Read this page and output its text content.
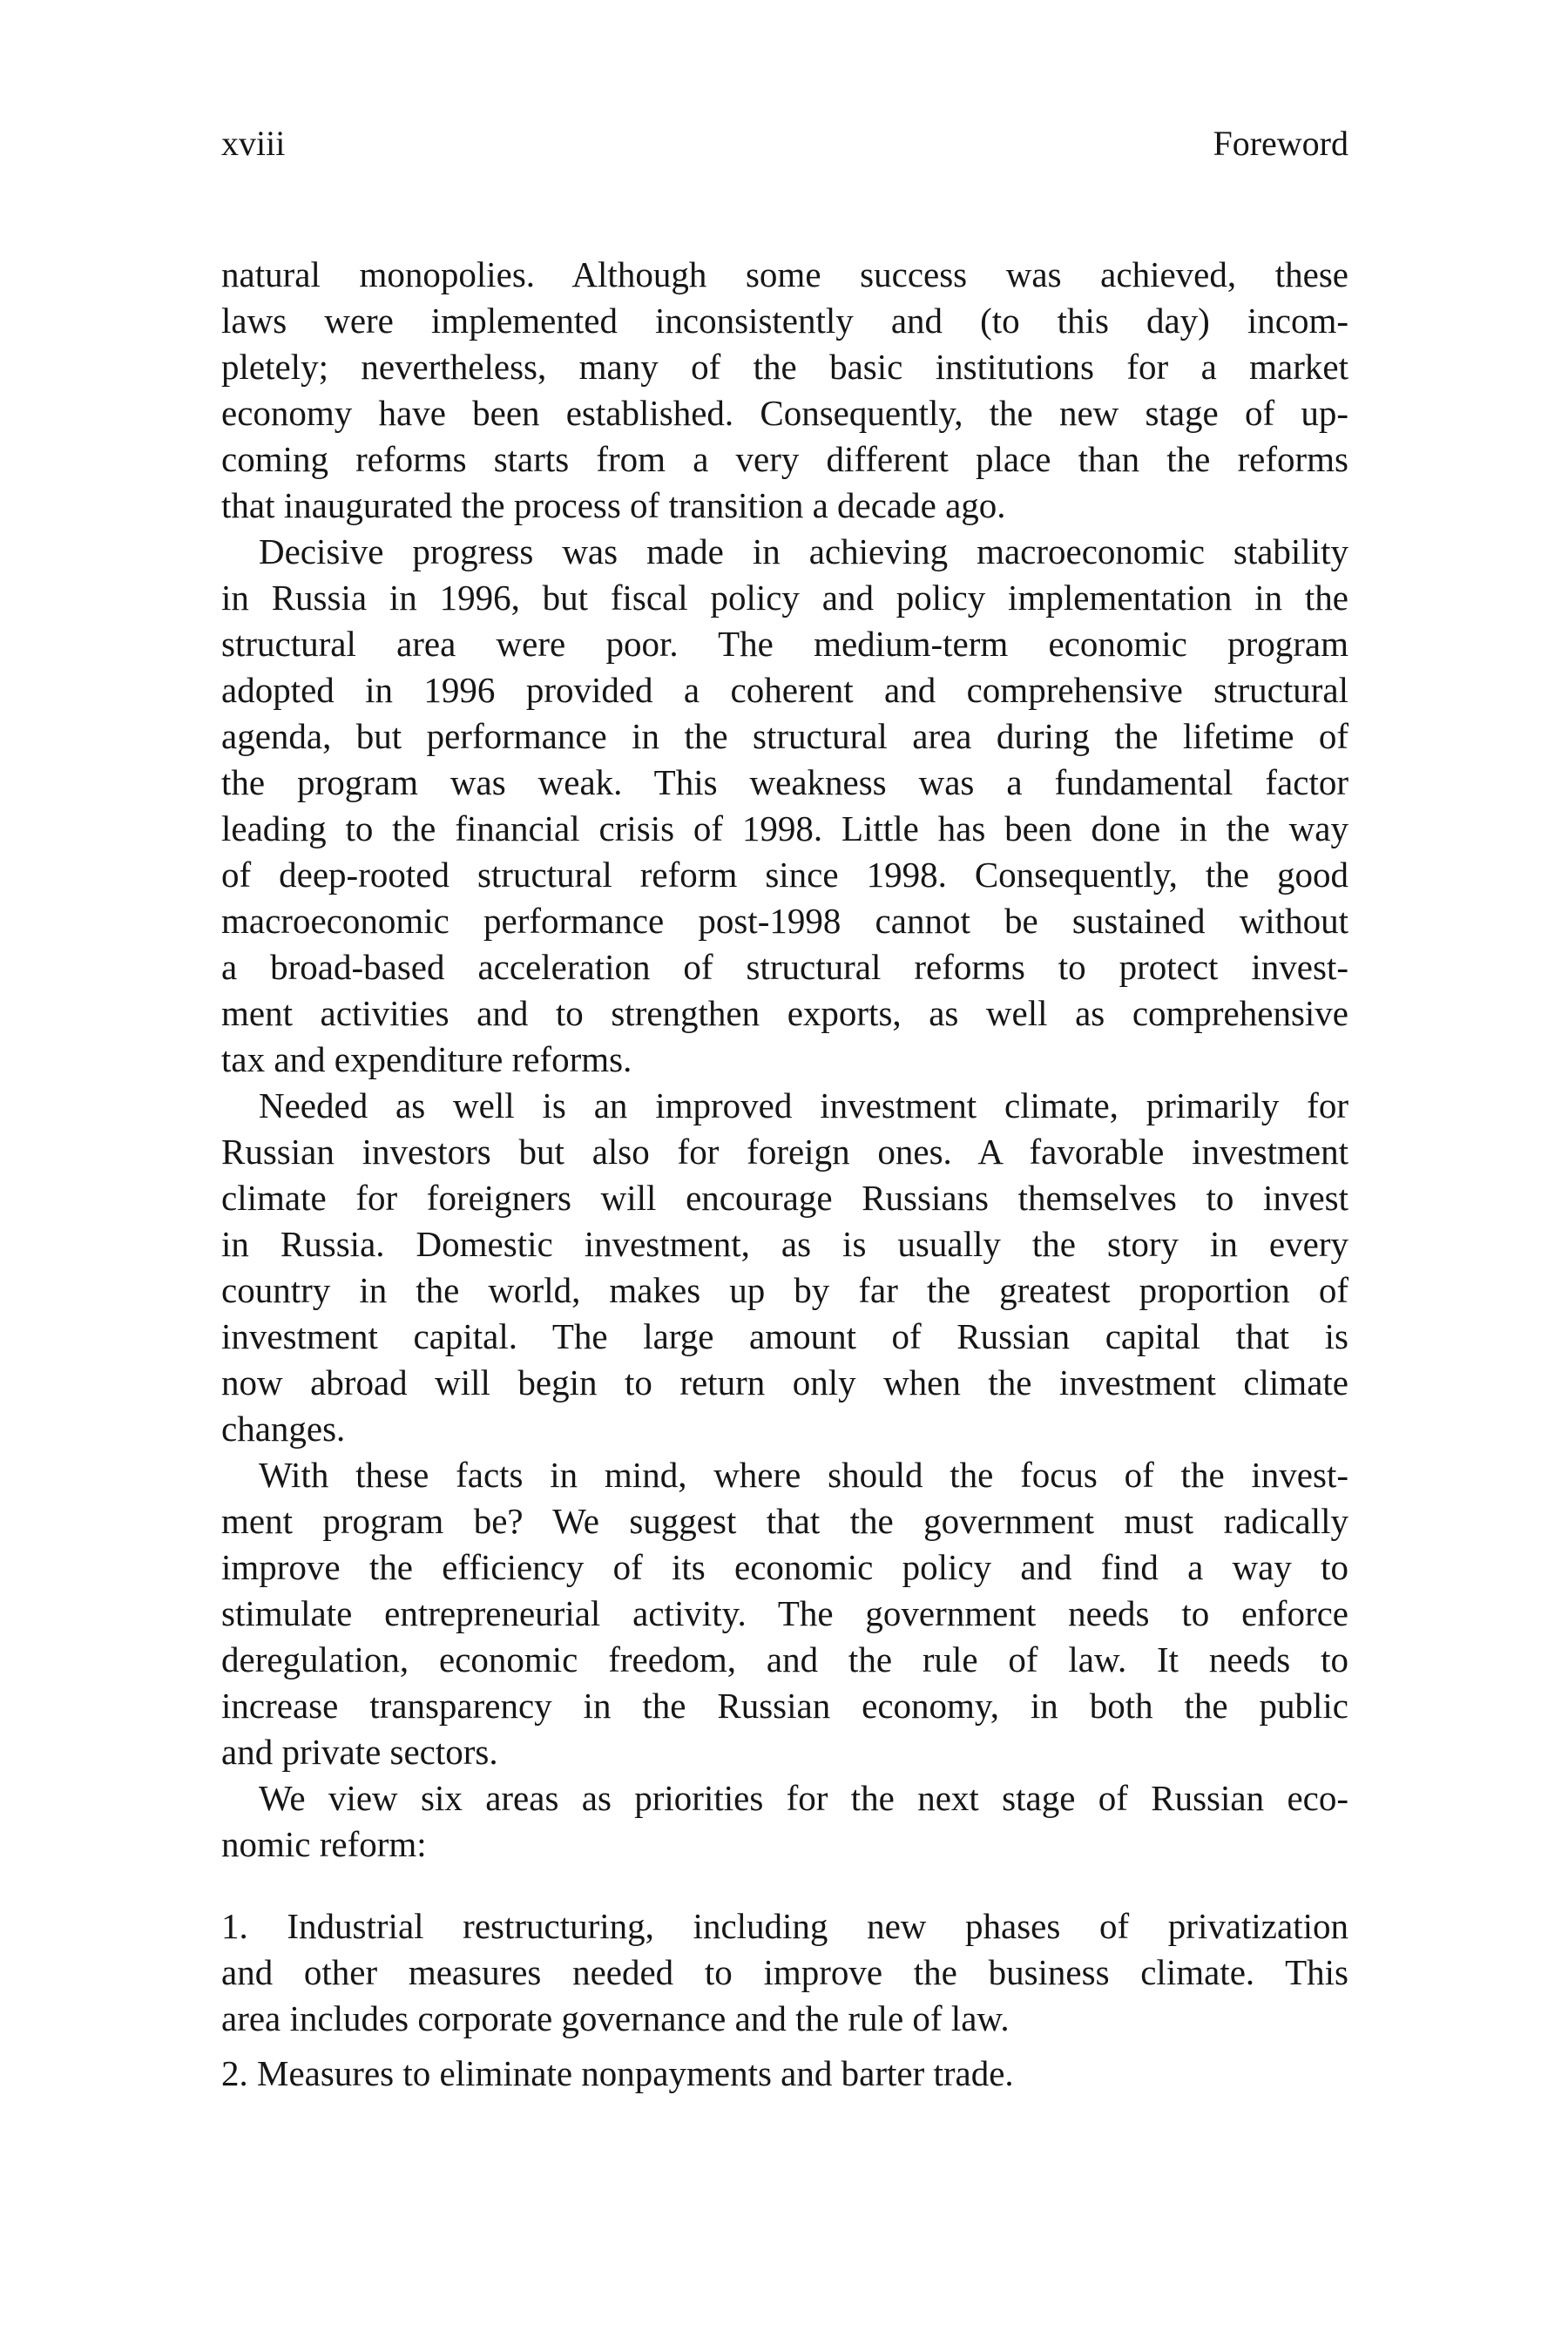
xviii	Foreword
natural monopolies. Although some success was achieved, these
laws were implemented inconsistently and (to this day) incom-
pletely; nevertheless, many of the basic institutions for a market
economy have been established. Consequently, the new stage of up-
coming reforms starts from a very different place than the reforms
that inaugurated the process of transition a decade ago.
Decisive progress was made in achieving macroeconomic stability
in Russia in 1996, but fiscal policy and policy implementation in the
structural area were poor. The medium-term economic program
adopted in 1996 provided a coherent and comprehensive structural
agenda, but performance in the structural area during the lifetime of
the program was weak. This weakness was a fundamental factor
leading to the financial crisis of 1998. Little has been done in the way
of deep-rooted structural reform since 1998. Consequently, the good
macroeconomic performance post-1998 cannot be sustained without
a broad-based acceleration of structural reforms to protect invest-
ment activities and to strengthen exports, as well as comprehensive
tax and expenditure reforms.
Needed as well is an improved investment climate, primarily for
Russian investors but also for foreign ones. A favorable investment
climate for foreigners will encourage Russians themselves to invest
in Russia. Domestic investment, as is usually the story in every
country in the world, makes up by far the greatest proportion of
investment capital. The large amount of Russian capital that is
now abroad will begin to return only when the investment climate
changes.
With these facts in mind, where should the focus of the invest-
ment program be? We suggest that the government must radically
improve the efficiency of its economic policy and find a way to
stimulate entrepreneurial activity. The government needs to enforce
deregulation, economic freedom, and the rule of law. It needs to
increase transparency in the Russian economy, in both the public
and private sectors.
We view six areas as priorities for the next stage of Russian eco-
nomic reform:
1. Industrial restructuring, including new phases of privatization
and other measures needed to improve the business climate. This
area includes corporate governance and the rule of law.
2. Measures to eliminate nonpayments and barter trade.
